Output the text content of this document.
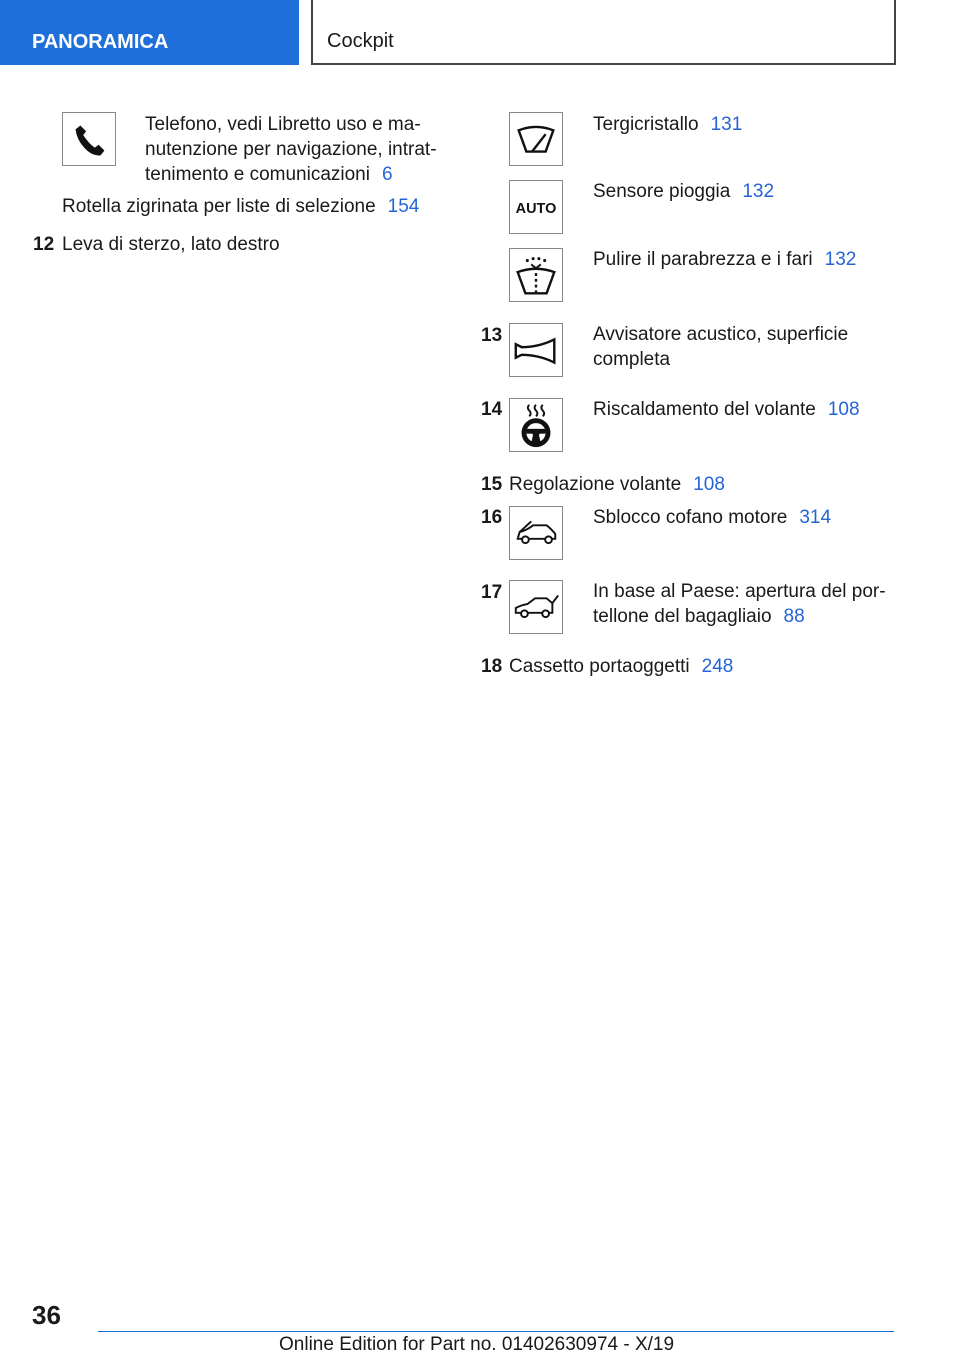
PANORAMICA	Cockpit
Telefono, vedi Libretto uso e ma-
nutenzione per navigazione, intrat-
tenimento e comunicazioni 6
Rotella zigrinata per liste di selezione 154
12 Leva di sterzo, lato destro
Tergicristallo 131
AUTO
Sensore pioggia 132
Pulire il parabrezza e i fari 132
13	Avvisatore acustico, superficie
completa
14	Riscaldamento del volante 108
15 Regolazione volante 108
16	Sblocco cofano motore 314
17	In base al Paese: apertura del por-
tellone del bagagliaio 88
18 Cassetto portaoggetti 248
36
Online Edition for Part no. 01402630974 - X/19
